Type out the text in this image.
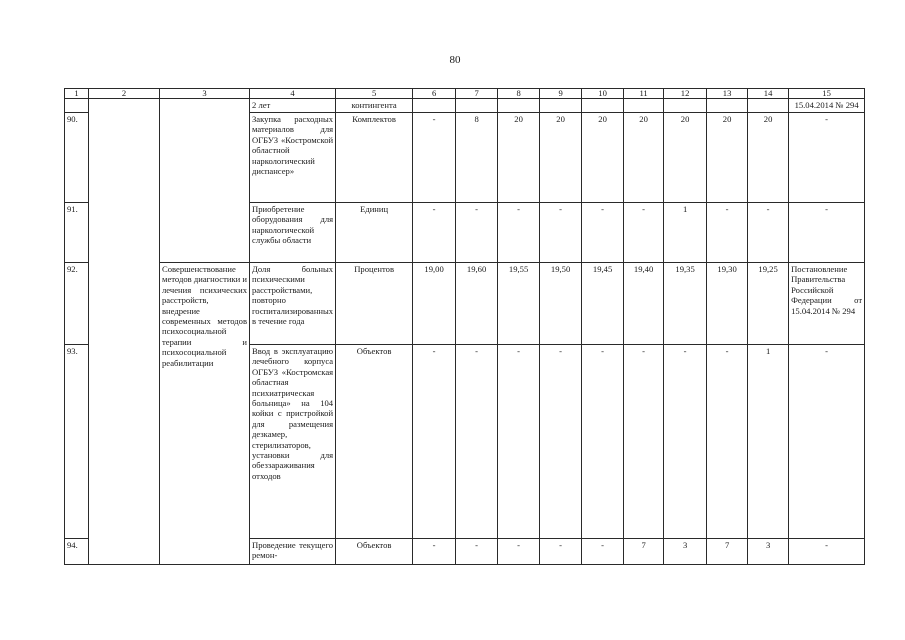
80
1	2	3	4	5	6	7	8	9	10	11	12	13	14	15
			2 лет	контингента										15.04.2014 № 294
90.			Закупка расходных материалов для ОГБУЗ «Костромской областной наркологический диспансер»	Комплектов	-	8	20	20	20	20	20	20	20	-
91.			Приобретение оборудования для наркологической службы области	Единиц	-	-	-	-	-	-	1	-	-	-
92.		Совершенствование методов диагностики и лечения психических расстройств, внедрение современных методов психосоциальной терапии и психосоциальной реабилитации	Доля больных психическими расстройствами, повторно госпитализированных в течение года	Процентов	19,00	19,60	19,55	19,50	19,45	19,40	19,35	19,30	19,25	Постановление Правительства Российской Федерации от 15.04.2014 № 294
93.			Ввод в эксплуатацию лечебного корпуса ОГБУЗ «Костромская областная психиатрическая больница» на 104 койки с пристройкой для размещения дезкамер, стерилизаторов, установки для обеззараживания отходов	Объектов	-	-	-	-	-	-	-	-	1	-
94.			Проведение текущего ремон-	Объектов	-	-	-	-	-	7	3	7	3	-
